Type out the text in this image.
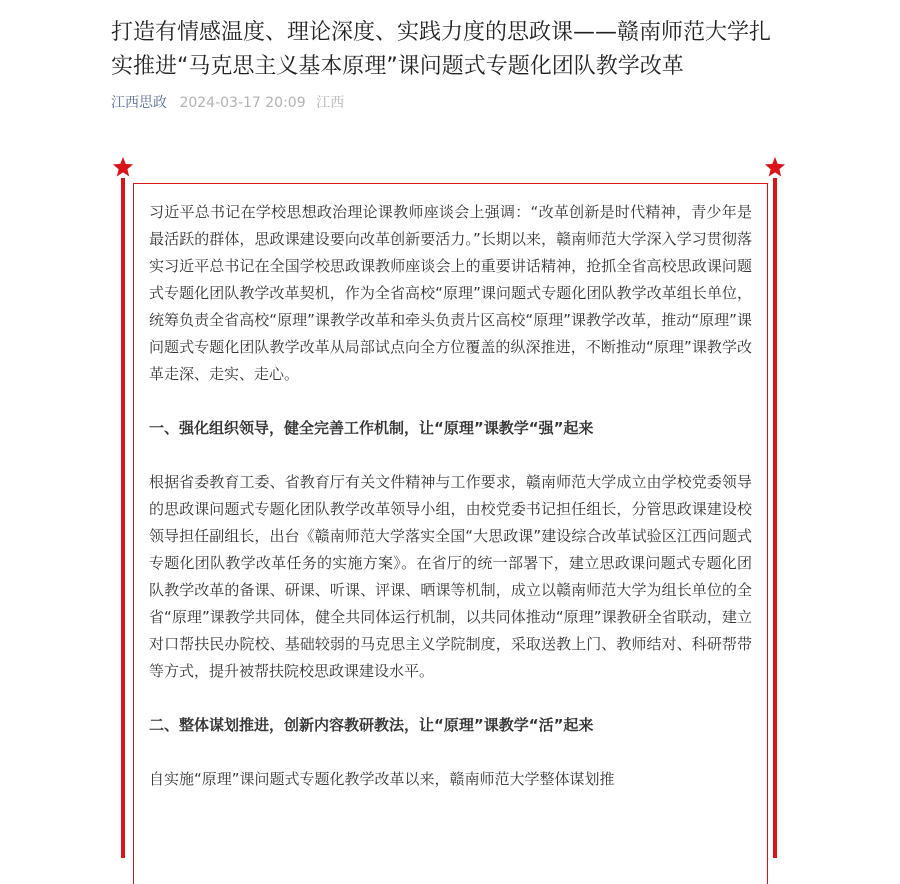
打造有情感温度、理论深度、实践力度的思政课——赣南师范大学扎实推进“马克思主义基本原理”课问题式专题化团队教学改革
江西思政 2024-03-17 20:09 江西

习近平总书记在学校思想政治理论课教师座谈会上强调：“改革创新是时代精神，青少年是最活跃的群体，思政课建设要向改革创新要活力。”长期以来，赣南师范大学深入学习贯彻落实习近平总书记在全国学校思政课教师座谈会上的重要讲话精神，抢抓全省高校思政课问题式专题化团队教学改革契机，作为全省高校“原理”课问题式专题化团队教学改革组长单位，统筹负责全省高校“原理”课教学改革和牵头负责片区高校“原理”课教学改革，推动“原理”课问题式专题化团队教学改革从局部试点向全方位覆盖的纵深推进，不断推动“原理”课教学改革走深、走实、走心。

一、强化组织领导，健全完善工作机制，让“原理”课教学“强”起来

根据省委教育工委、省教育厅有关文件精神与工作要求，赣南师范大学成立由学校党委领导的思政课问题式专题化团队教学改革领导小组，由校党委书记担任组长，分管思政课建设校领导担任副组长，出台《赣南师范大学落实全国“大思政课”建设综合改革试验区江西问题式专题化团队教学改革任务的实施方案》。在省厅的统一部署下，建立思政课问题式专题化团队教学改革的备课、研课、听课、评课、晒课等机制，成立以赣南师范大学为组长单位的全省“原理”课教学共同体，健全共同体运行机制，以共同体推动“原理”课教研全省联动，建立对口帮扶民办院校、基础较弱的马克思主义学院制度，采取送教上门、教师结对、科研帮带等方式，提升被帮扶院校思政课建设水平。

二、整体谋划推进，创新内容教研教法，让“原理”课教学“活”起来

自实施“原理”课问题式专题化教学改革以来，赣南师范大学整体谋划推
